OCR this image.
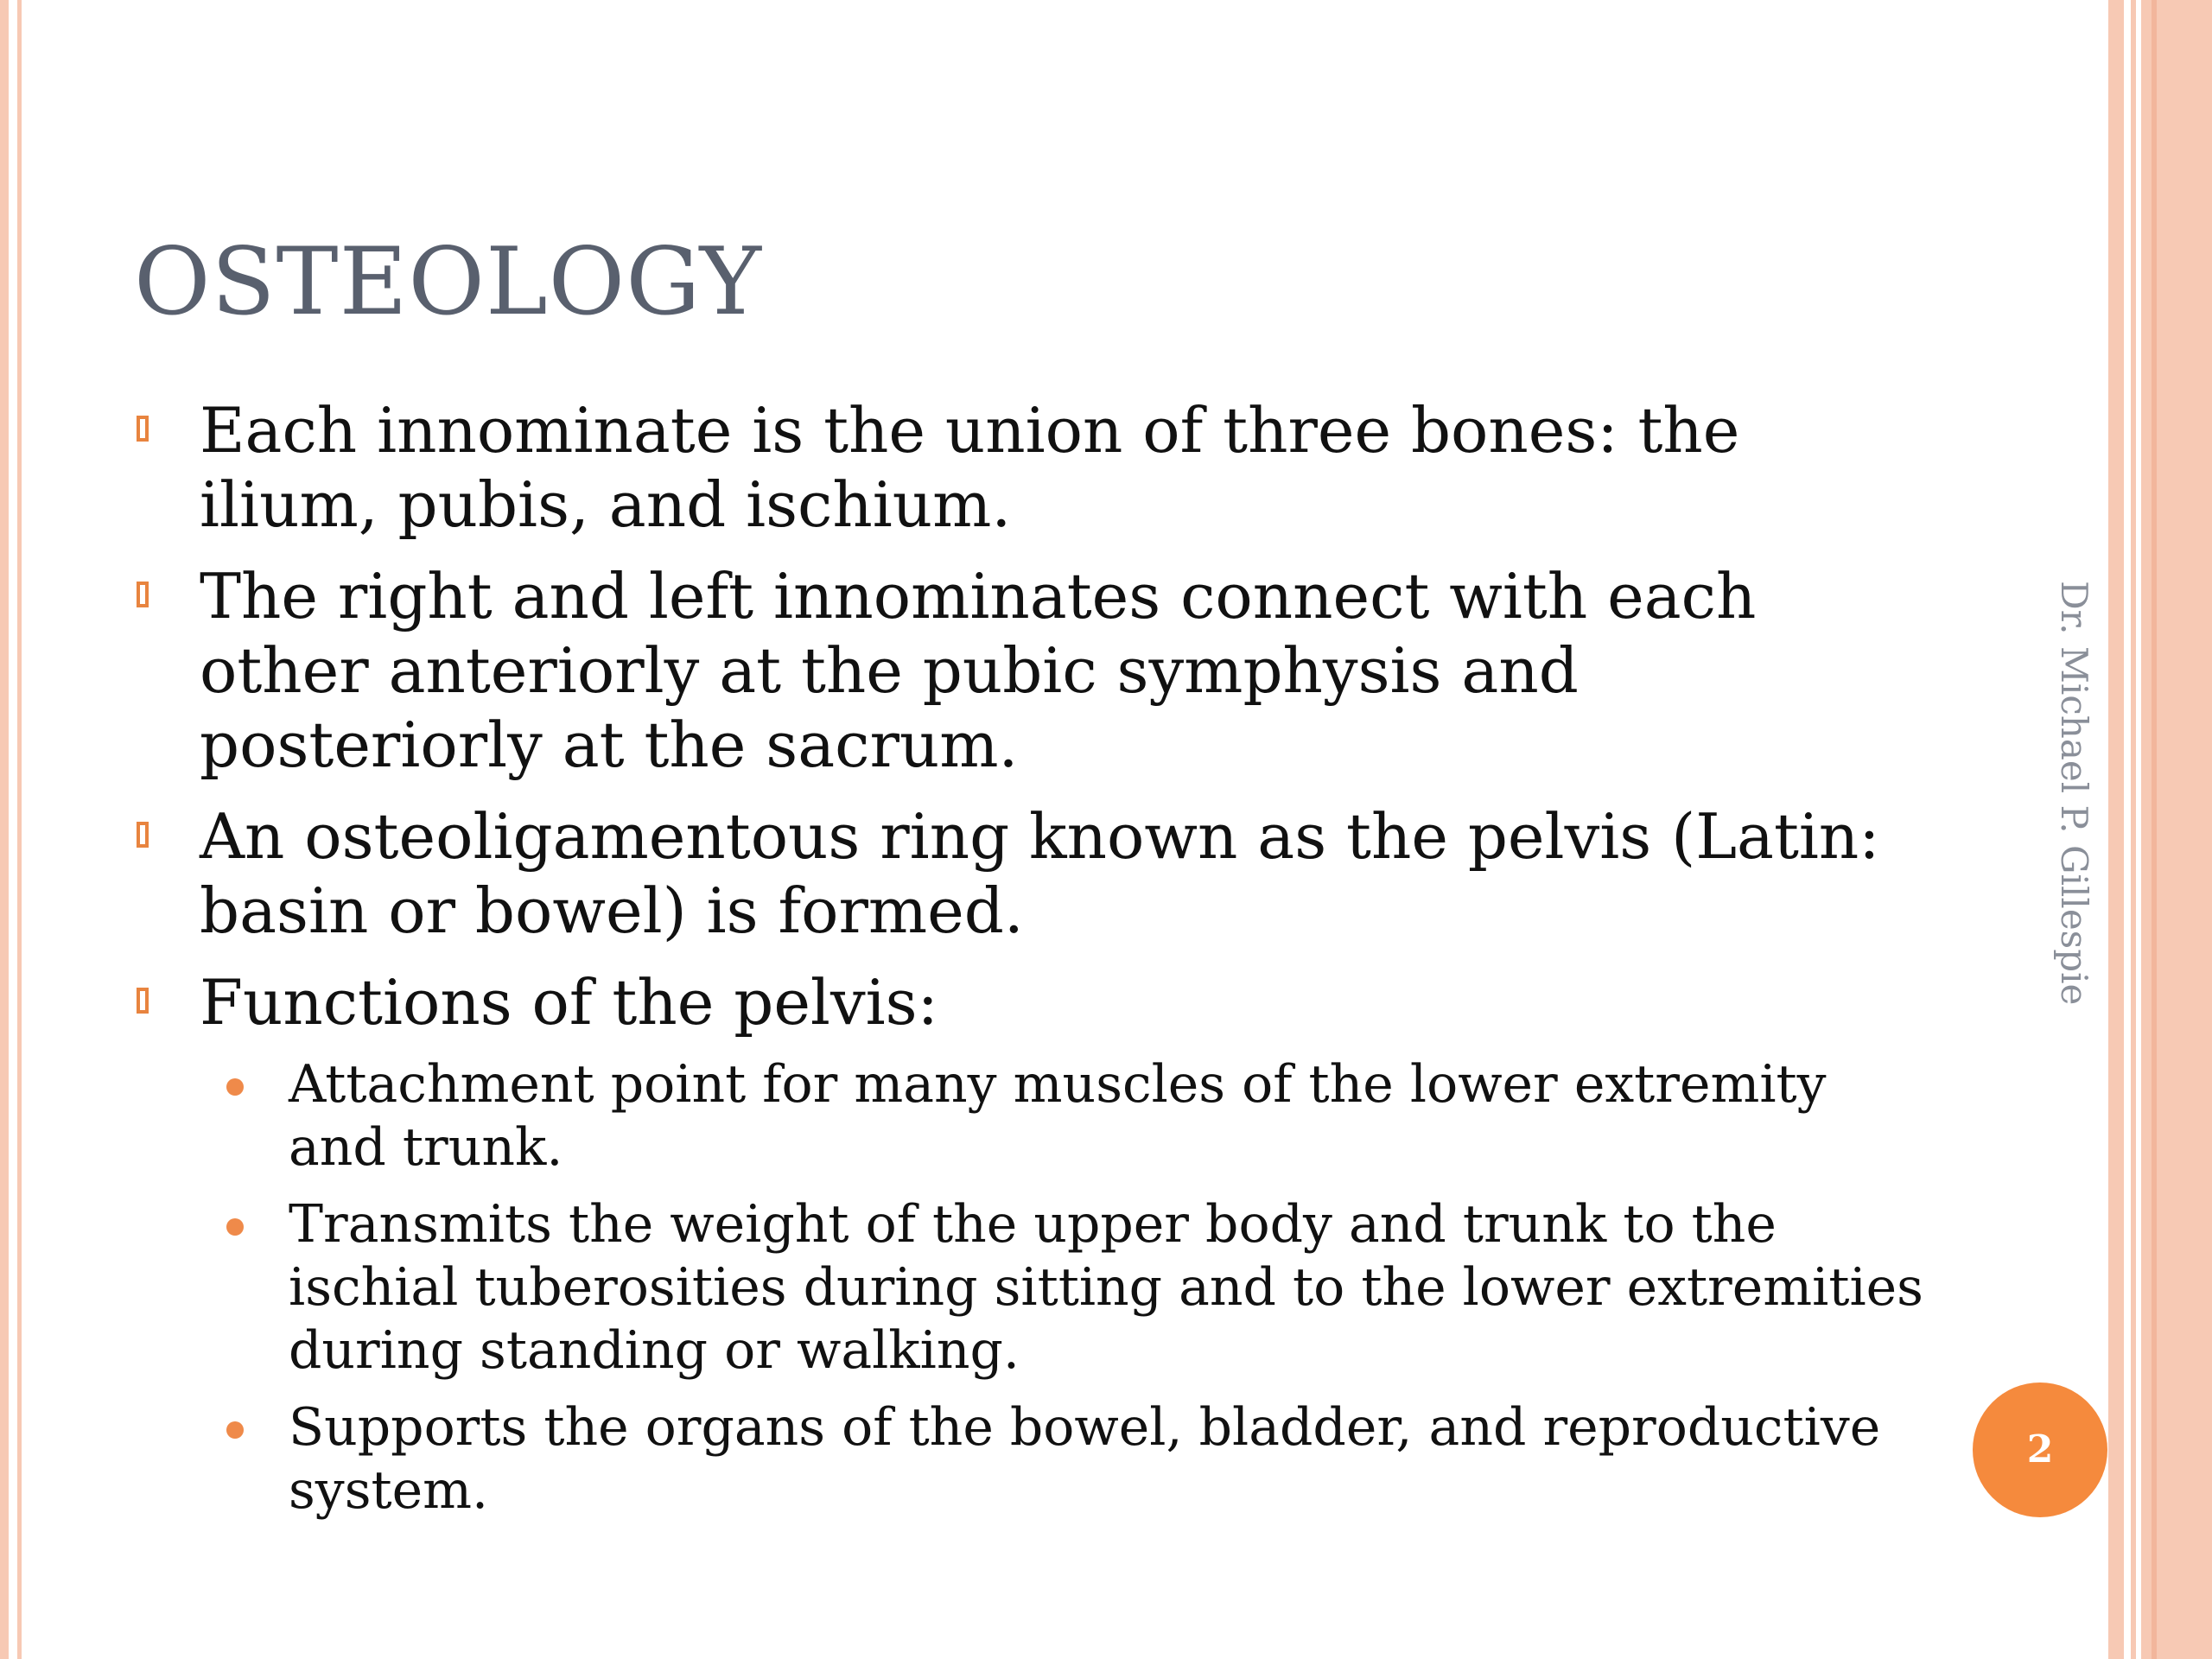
OSTEOLOGY
Each innominate is the union of three bones: the ilium, pubis, and ischium.
The right and left innominates connect with each other anteriorly at the pubic symphysis and posteriorly at the sacrum.
An osteoligamentous ring known as the pelvis (Latin: basin or bowel) is formed.
Functions of the pelvis:
Attachment point for many muscles of the lower extremity and trunk.
Transmits the weight of the upper body and trunk to the ischial tuberosities during sitting and to the lower extremities during standing or walking.
Supports the organs of the bowel, bladder, and reproductive system.
Dr. Michael P. Gillespie
2
